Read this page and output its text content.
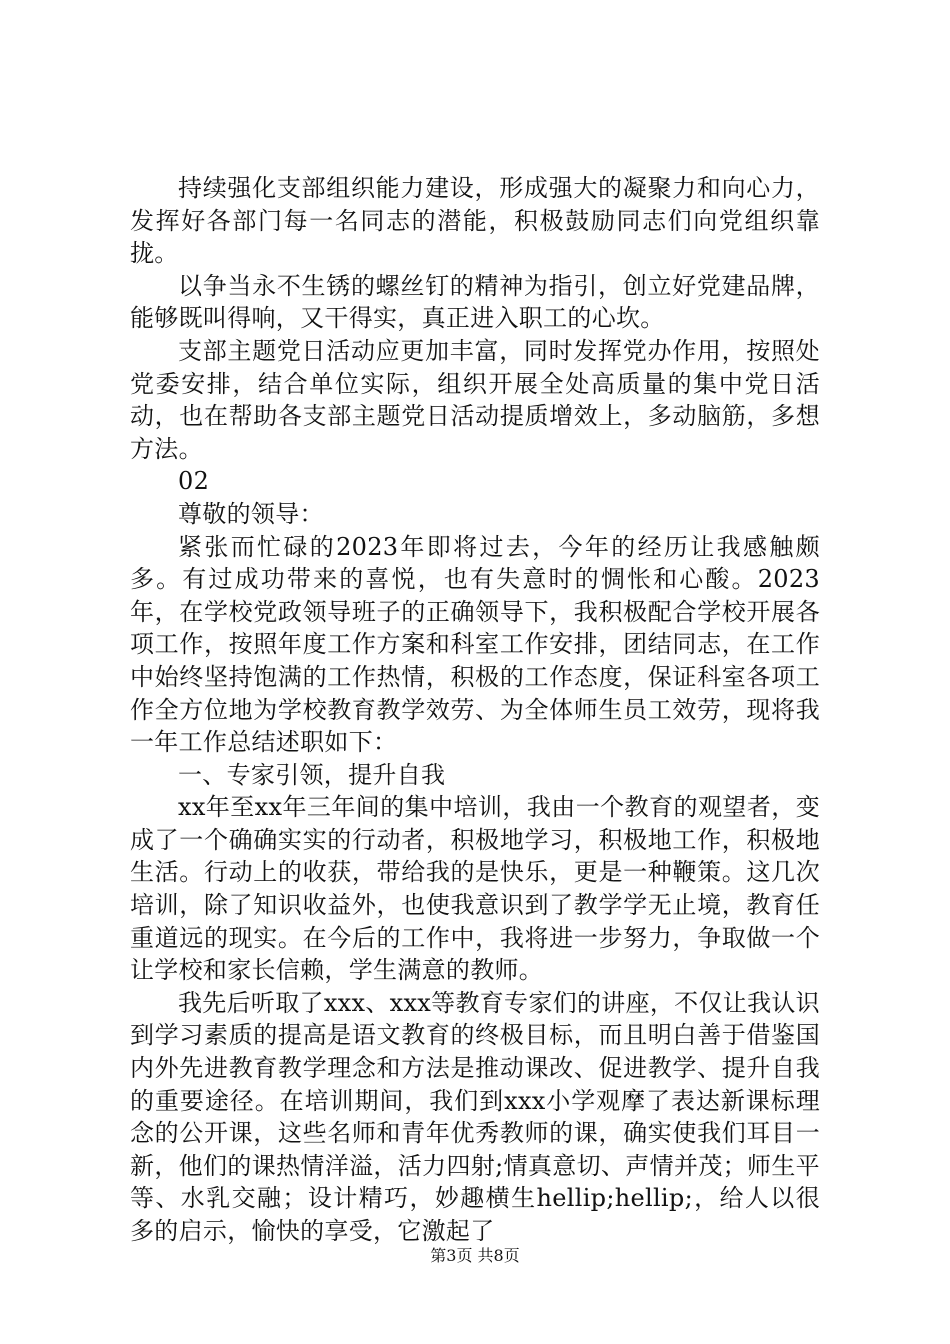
持续强化支部组织能力建设，形成强大的凝聚力和向心力，发挥好各部门每一名同志的潜能，积极鼓励同志们向党组织靠拢。

以争当永不生锈的螺丝钉的精神为指引，创立好党建品牌，能够既叫得响，又干得实，真正进入职工的心坎。

支部主题党日活动应更加丰富，同时发挥党办作用，按照处党委安排，结合单位实际，组织开展全处高质量的集中党日活动，也在帮助各支部主题党日活动提质增效上，多动脑筋，多想方法。

02

尊敬的领导：

紧张而忙碌的2023年即将过去，今年的经历让我感触颇多。有过成功带来的喜悦，也有失意时的惆怅和心酸。2023年，在学校党政领导班子的正确领导下，我积极配合学校开展各项工作，按照年度工作方案和科室工作安排，团结同志，在工作中始终坚持饱满的工作热情，积极的工作态度，保证科室各项工作全方位地为学校教育教学效劳、为全体师生员工效劳，现将我一年工作总结述职如下：

一、专家引领，提升自我

xx年至xx年三年间的集中培训，我由一个教育的观望者，变成了一个确确实实的行动者，积极地学习，积极地工作，积极地生活。行动上的收获，带给我的是快乐，更是一种鞭策。这几次培训，除了知识收益外，也使我意识到了教学学无止境，教育任重道远的现实。在今后的工作中，我将进一步努力，争取做一个让学校和家长信赖，学生满意的教师。

我先后听取了xxx、xxx等教育专家们的讲座，不仅让我认识到学习素质的提高是语文教育的终极目标，而且明白善于借鉴国内外先进教育教学理念和方法是推动课改、促进教学、提升自我的重要途径。在培训期间，我们到xxx小学观摩了表达新课标理念的公开课，这些名师和青年优秀教师的课，确实使我们耳目一新，他们的课热情洋溢，活力四射;情真意切、声情并茂；师生平等、水乳交融；设计精巧，妙趣横生hellip;hellip;，给人以很多的启示，愉快的享受，它激起了

第3页 共8页
